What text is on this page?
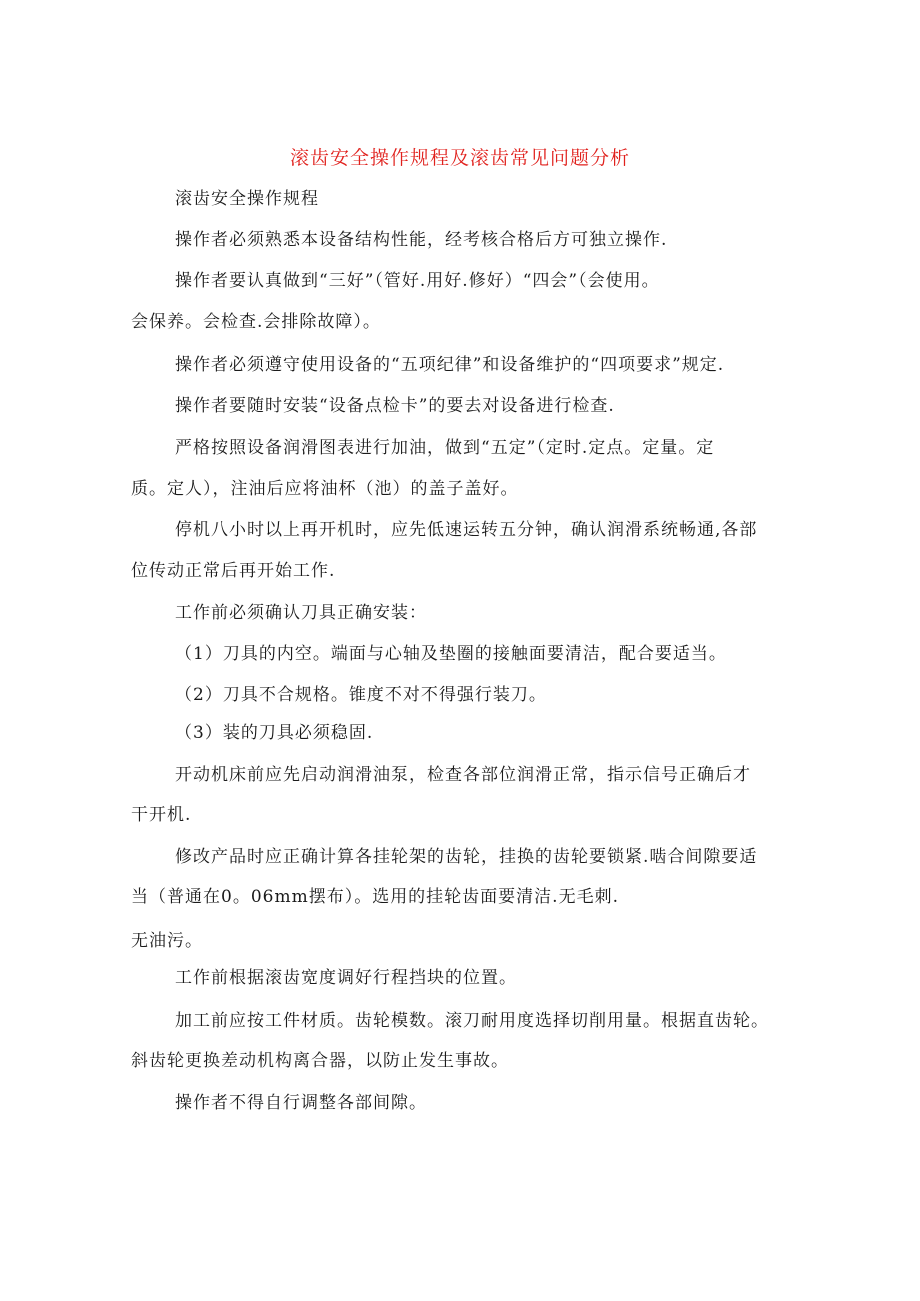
滚齿安全操作规程及滚齿常见问题分析
滚齿安全操作规程
操作者必须熟悉本设备结构性能，经考核合格后方可独立操作.
操作者要认真做到“三好”（管好.用好.修好）“四会”（会使用。
会保养。会检查.会排除故障）。
操作者必须遵守使用设备的“五项纪律”和设备维护的“四项要求”规定.
操作者要随时安装“设备点检卡”的要去对设备进行检查.
严格按照设备润滑图表进行加油，做到“五定”（定时.定点。定量。定
质。定人），注油后应将油杯（池）的盖子盖好。
停机八小时以上再开机时，应先低速运转五分钟，确认润滑系统畅通,各部
位传动正常后再开始工作.
工作前必须确认刀具正确安装：
（1）刀具的内空。端面与心轴及垫圈的接触面要清洁，配合要适当。
（2）刀具不合规格。锥度不对不得强行装刀。
（3）装的刀具必须稳固.
开动机床前应先启动润滑油泵，检查各部位润滑正常，指示信号正确后才
干开机.
修改产品时应正确计算各挂轮架的齿轮，挂换的齿轮要锁紧.啮合间隙要适
当（普通在0。06mm摆布）。选用的挂轮齿面要清洁.无毛刺.
无油污。
工作前根据滚齿宽度调好行程挡块的位置。
加工前应按工件材质。齿轮模数。滚刀耐用度选择切削用量。根据直齿轮。
斜齿轮更换差动机构离合器，以防止发生事故。
操作者不得自行调整各部间隙。
